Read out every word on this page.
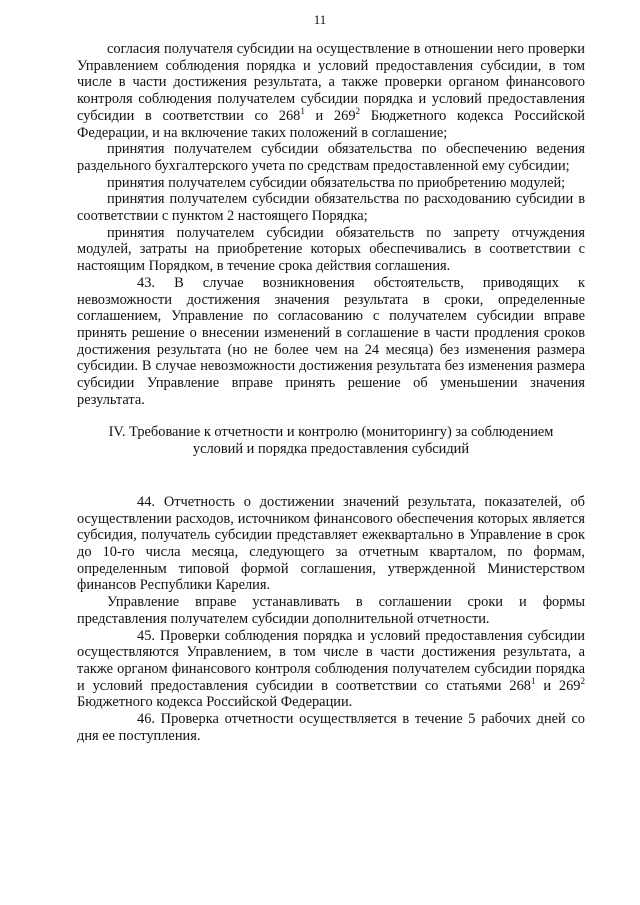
11

согласия получателя субсидии на осуществление в отношении него проверки Управлением соблюдения порядка и условий предоставления субсидии, в том числе в части достижения результата, а также проверки органом финансового контроля соблюдения получателем субсидии порядка и условий предоставления субсидии в соответствии со $268^1$ и $269^2$ Бюджетного кодекса Российской Федерации, и на включение таких положений в соглашение;

принятия получателем субсидии обязательства по обеспечению ведения раздельного бухгалтерского учета по средствам предоставленной ему субсидии;

принятия получателем субсидии обязательства по приобретению модулей;

принятия получателем субсидии обязательства по расходованию субсидии в соответствии с пунктом 2 настоящего Порядка;

принятия получателем субсидии обязательств по запрету отчуждения модулей, затраты на приобретение которых обеспечивались в соответствии с настоящим Порядком, в течение срока действия соглашения.

43. В случае возникновения обстоятельств, приводящих к невозможности достижения значения результата в сроки, определенные соглашением, Управление по согласованию с получателем субсидии вправе принять решение о внесении изменений в соглашение в части продления сроков достижения результата (но не более чем на 24 месяца) без изменения размера субсидии. В случае невозможности достижения результата без изменения размера субсидии Управление вправе принять решение об уменьшении значения результата.

IV. Требование к отчетности и контролю (мониторингу) за соблюдением
условий и порядка предоставления субсидий

44. Отчетность о достижении значений результата, показателей, об осуществлении расходов, источником финансового обеспечения которых является субсидия, получатель субсидии представляет ежеквартально в Управление в срок до 10-го числа месяца, следующего за отчетным кварталом, по формам, определенным типовой формой соглашения, утвержденной Министерством финансов Республики Карелия.

Управление вправе устанавливать в соглашении сроки и формы представления получателем субсидии дополнительной отчетности.

45. Проверки соблюдения порядка и условий предоставления субсидии осуществляются Управлением, в том числе в части достижения результата, а также органом финансового контроля соблюдения получателем субсидии порядка и условий предоставления субсидии в соответствии со статьями $268^1$ и $269^2$ Бюджетного кодекса Российской Федерации.

46. Проверка отчетности осуществляется в течение 5 рабочих дней со дня ее поступления.
